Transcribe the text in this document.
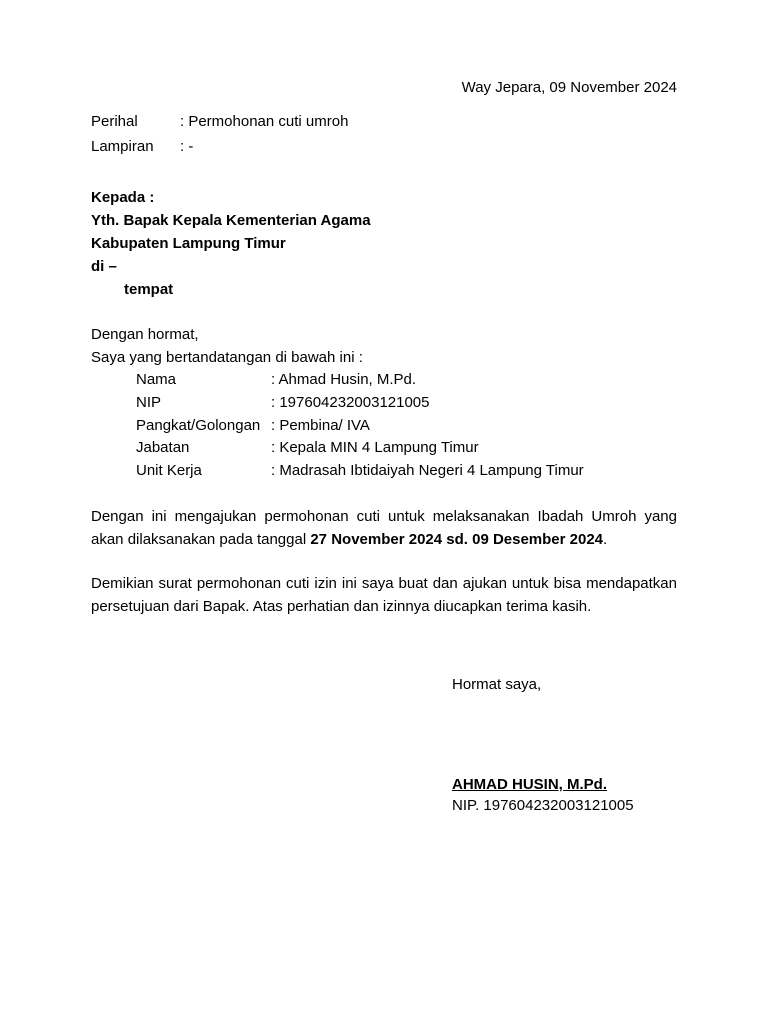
Way Jepara, 09 November 2024
Perihal	: Permohonan cuti umroh
Lampiran : -
Kepada :
Yth. Bapak Kepala Kementerian Agama
Kabupaten Lampung Timur
di –
tempat
Dengan hormat,
Saya yang bertandatangan di bawah ini :
Nama	: Ahmad Husin, M.Pd.
NIP	: 197604232003121005
Pangkat/Golongan : Pembina/ IVA
Jabatan	: Kepala MIN 4 Lampung Timur
Unit Kerja	: Madrasah Ibtidaiyah Negeri 4 Lampung Timur
Dengan ini mengajukan permohonan cuti untuk melaksanakan Ibadah Umroh yang
akan dilaksanakan pada tanggal 27 November 2024 sd. 09 Desember 2024.
Demikian surat permohonan cuti izin ini saya buat dan ajukan untuk bisa mendapatkan
persetujuan dari Bapak. Atas perhatian dan izinnya diucapkan terima kasih.
Hormat saya,
AHMAD HUSIN, M.Pd.
NIP. 197604232003121005
